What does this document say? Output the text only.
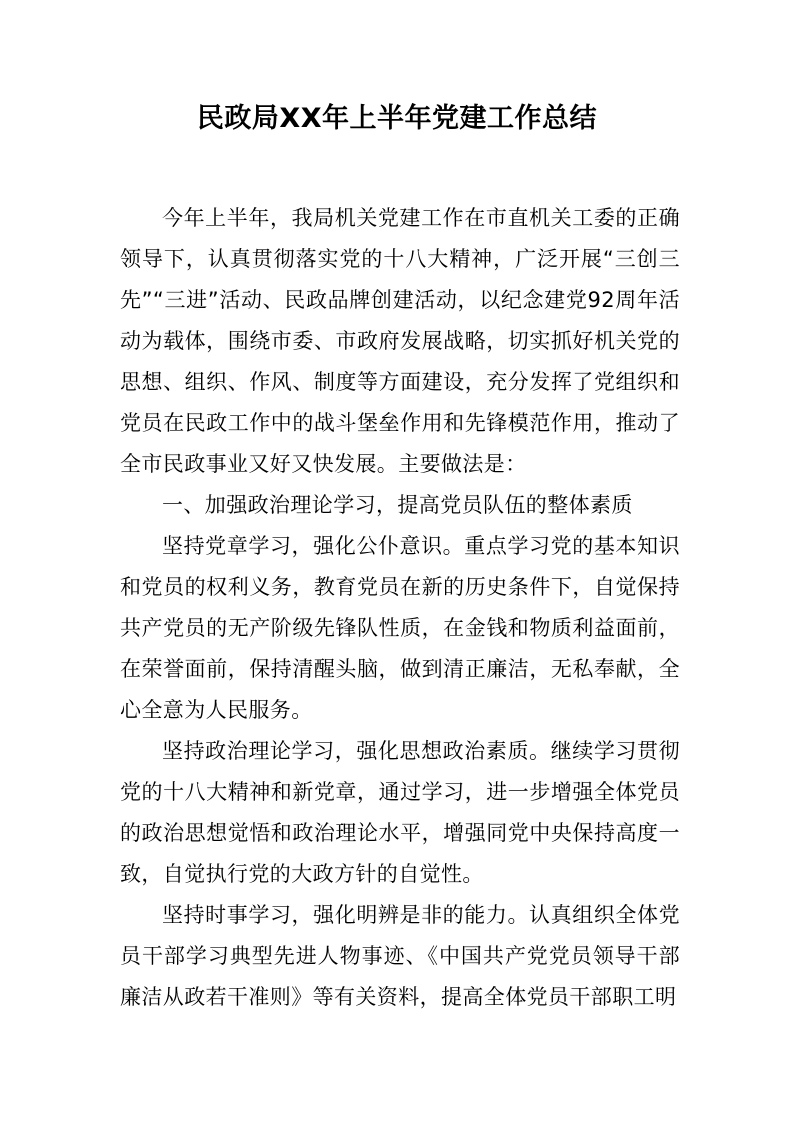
民政局XX年上半年党建工作总结

今年上半年，我局机关党建工作在市直机关工委的正确领导下，认真贯彻落实党的十八大精神，广泛开展“三创三先”“三进”活动、民政品牌创建活动，以纪念建党92周年活动为载体，围绕市委、市政府发展战略，切实抓好机关党的思想、组织、作风、制度等方面建设，充分发挥了党组织和党员在民政工作中的战斗堡垒作用和先锋模范作用，推动了全市民政事业又好又快发展。主要做法是：

一、加强政治理论学习，提高党员队伍的整体素质

坚持党章学习，强化公仆意识。重点学习党的基本知识和党员的权利义务，教育党员在新的历史条件下，自觉保持共产党员的无产阶级先锋队性质，在金钱和物质利益面前，在荣誉面前，保持清醒头脑，做到清正廉洁，无私奉献，全心全意为人民服务。

坚持政治理论学习，强化思想政治素质。继续学习贯彻党的十八大精神和新党章，通过学习，进一步增强全体党员的政治思想觉悟和政治理论水平，增强同党中央保持高度一致，自觉执行党的大政方针的自觉性。

坚持时事学习，强化明辨是非的能力。认真组织全体党员干部学习典型先进人物事迹、《中国共产党党员领导干部廉洁从政若干准则》等有关资料，提高全体党员干部职工明
